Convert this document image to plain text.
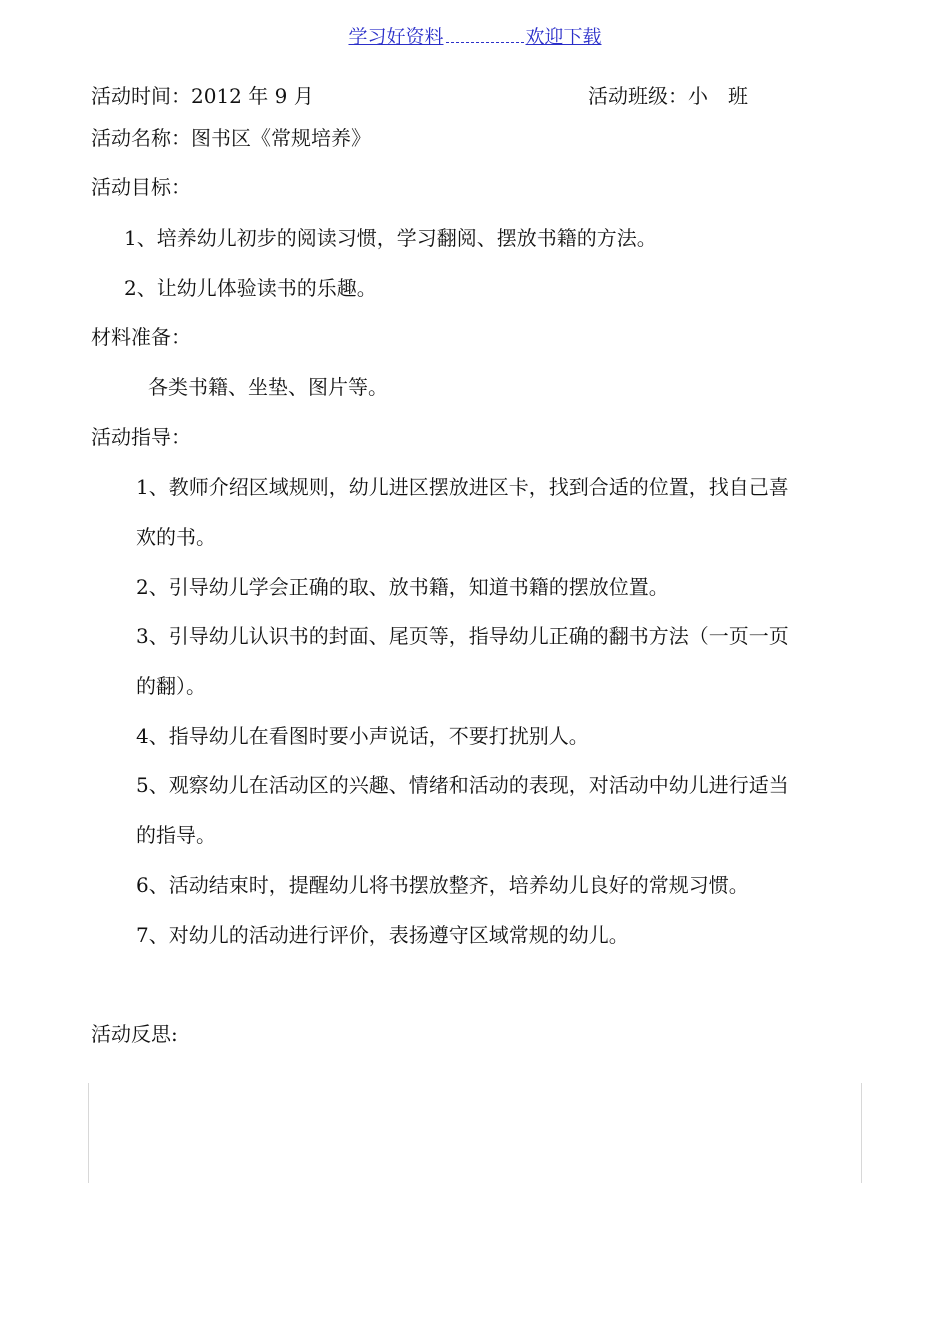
学习好资料	欢迎下载
活动时间：2012 年 9 月	活动班级：小　班
活动名称：图书区《常规培养》
活动目标：
1、培养幼儿初步的阅读习惯，学习翻阅、摆放书籍的方法。
2、让幼儿体验读书的乐趣。
材料准备：
各类书籍、坐垫、图片等。
活动指导：
1、教师介绍区域规则，幼儿进区摆放进区卡，找到合适的位置，找自己喜
欢的书。
2、引导幼儿学会正确的取、放书籍，知道书籍的摆放位置。
3、引导幼儿认识书的封面、尾页等，指导幼儿正确的翻书方法（一页一页
的翻）。
4、指导幼儿在看图时要小声说话，不要打扰别人。
5、观察幼儿在活动区的兴趣、情绪和活动的表现，对活动中幼儿进行适当
的指导。
6、活动结束时，提醒幼儿将书摆放整齐，培养幼儿良好的常规习惯。
7、对幼儿的活动进行评价，表扬遵守区域常规的幼儿。
活动反思:
